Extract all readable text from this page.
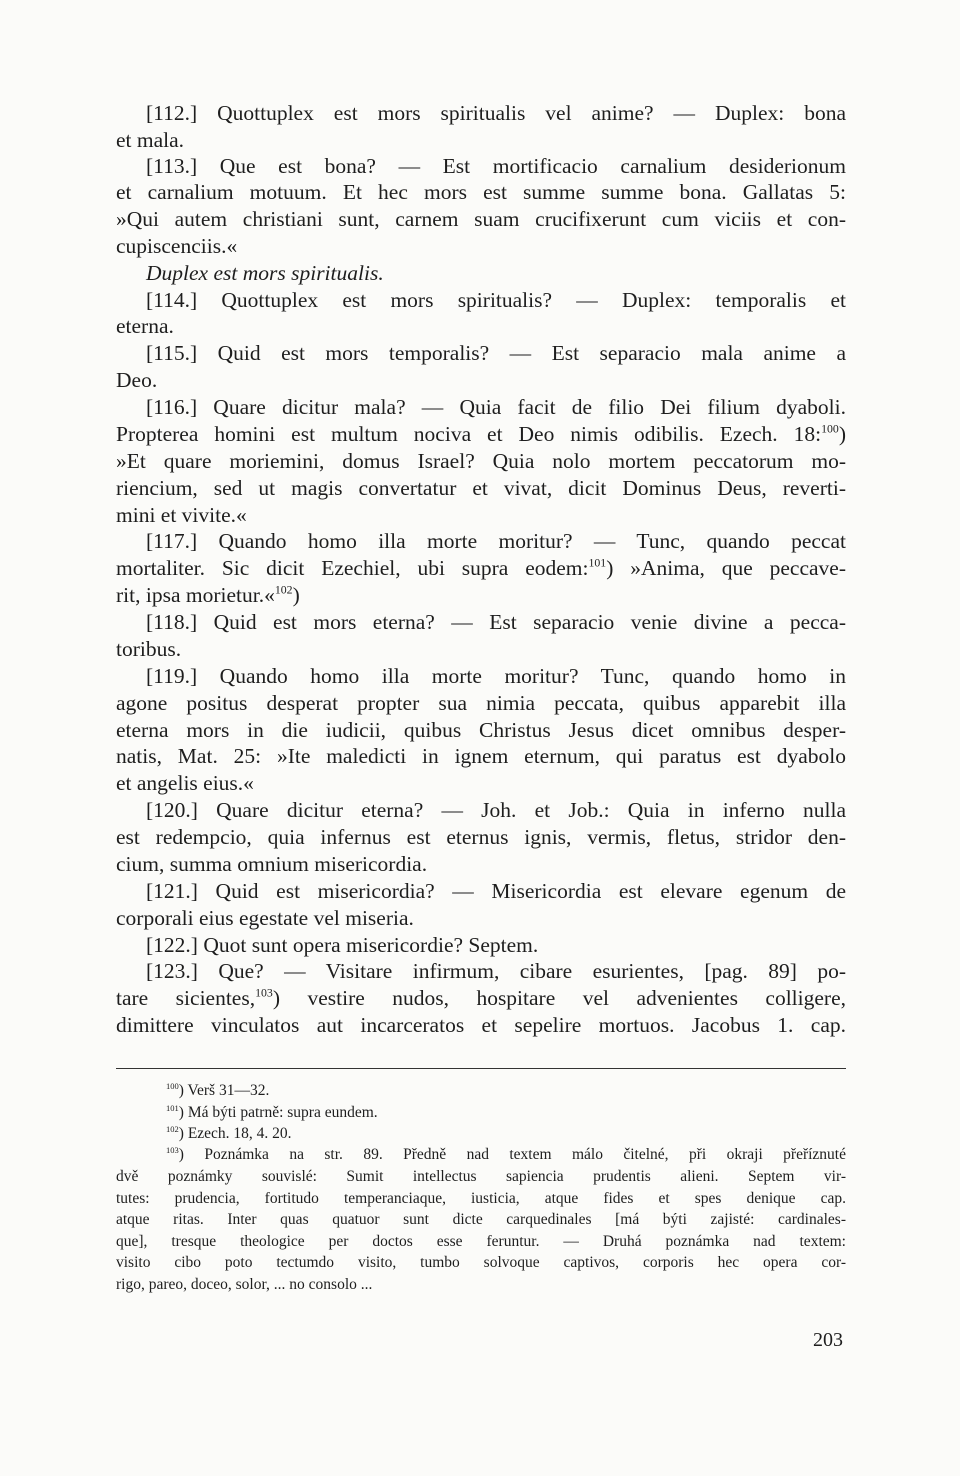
[112.] Quottuplex est mors spiritualis vel anime? — Duplex: bona
et mala.
[113.] Que est bona? — Est mortificacio carnalium desiderionum
et carnalium motuum. Et hec mors est summe summe bona. Gallatas 5:
»Qui autem christiani sunt, carnem suam crucifixerunt cum viciis et con-
cupiscenciis.«
Duplex est mors spiritualis.
[114.] Quottuplex est mors spiritualis? — Duplex: temporalis et
eterna.
[115.] Quid est mors temporalis? — Est separacio mala anime a
Deo.
[116.] Quare dicitur mala? — Quia facit de filio Dei filium dyaboli.
Propterea homini est multum nociva et Deo nimis odibilis. Ezech. 18:$^{100}$)
»Et quare moriemini, domus Israel? Quia nolo mortem peccatorum mo-
riencium, sed ut magis convertatur et vivat, dicit Dominus Deus, reverti-
mini et vivite.«
[117.] Quando homo illa morte moritur? — Tunc, quando peccat
mortaliter. Sic dicit Ezechiel, ubi supra eodem:$^{101}$) »Anima, que peccave-
rit, ipsa morietur.«$^{102}$)
[118.] Quid est mors eterna? — Est separacio venie divine a pecca-
toribus.
[119.] Quando homo illa morte moritur? Tunc, quando homo in
agone positus desperat propter sua nimia peccata, quibus apparebit illa
eterna mors in die iudicii, quibus Christus Jesus dicet omnibus desper-
natis, Mat. 25: »Ite maledicti in ignem eternum, qui paratus est dyabolo
et angelis eius.«
[120.] Quare dicitur eterna? — Joh. et Job.: Quia in inferno nulla
est redempcio, quia infernus est eternus ignis, vermis, fletus, stridor den-
cium, summa omnium misericordia.
[121.] Quid est misericordia? — Misericordia est elevare egenum de
corporali eius egestate vel miseria.
[122.] Quot sunt opera misericordie? Septem.
[123.] Que? — Visitare infirmum, cibare esurientes, [pag. 89] po-
tare sicientes,$^{103}$) vestire nudos, hospitare vel advenientes colligere,
dimittere vinculatos aut incarceratos et sepelire mortuos. Jacobus 1. cap.
$^{100}$) Verš 31—32.
$^{101}$) Má býti patrně: supra eundem.
$^{102}$) Ezech. 18, 4. 20.
$^{103}$) Poznámka na str. 89. Předně nad textem málo čitelné, při okraji přeříznuté
dvě poznámky souvislé: Sumit intellectus sapiencia prudentis alieni. Septem vir-
tutes: prudencia, fortitudo temperanciaque, iusticia, atque fides et spes denique cap.
atque ritas. Inter quas quatuor sunt dicte carquedinales [má býti zajisté: cardinales-
que], tresque theologice per doctos esse feruntur. — Druhá poznámka nad textem:
visito cibo poto tectumdo visito, tumbo solvoque captivos, corporis hec opera cor-
rigo, pareo, doceo, solor, ... no consolo ...
203
